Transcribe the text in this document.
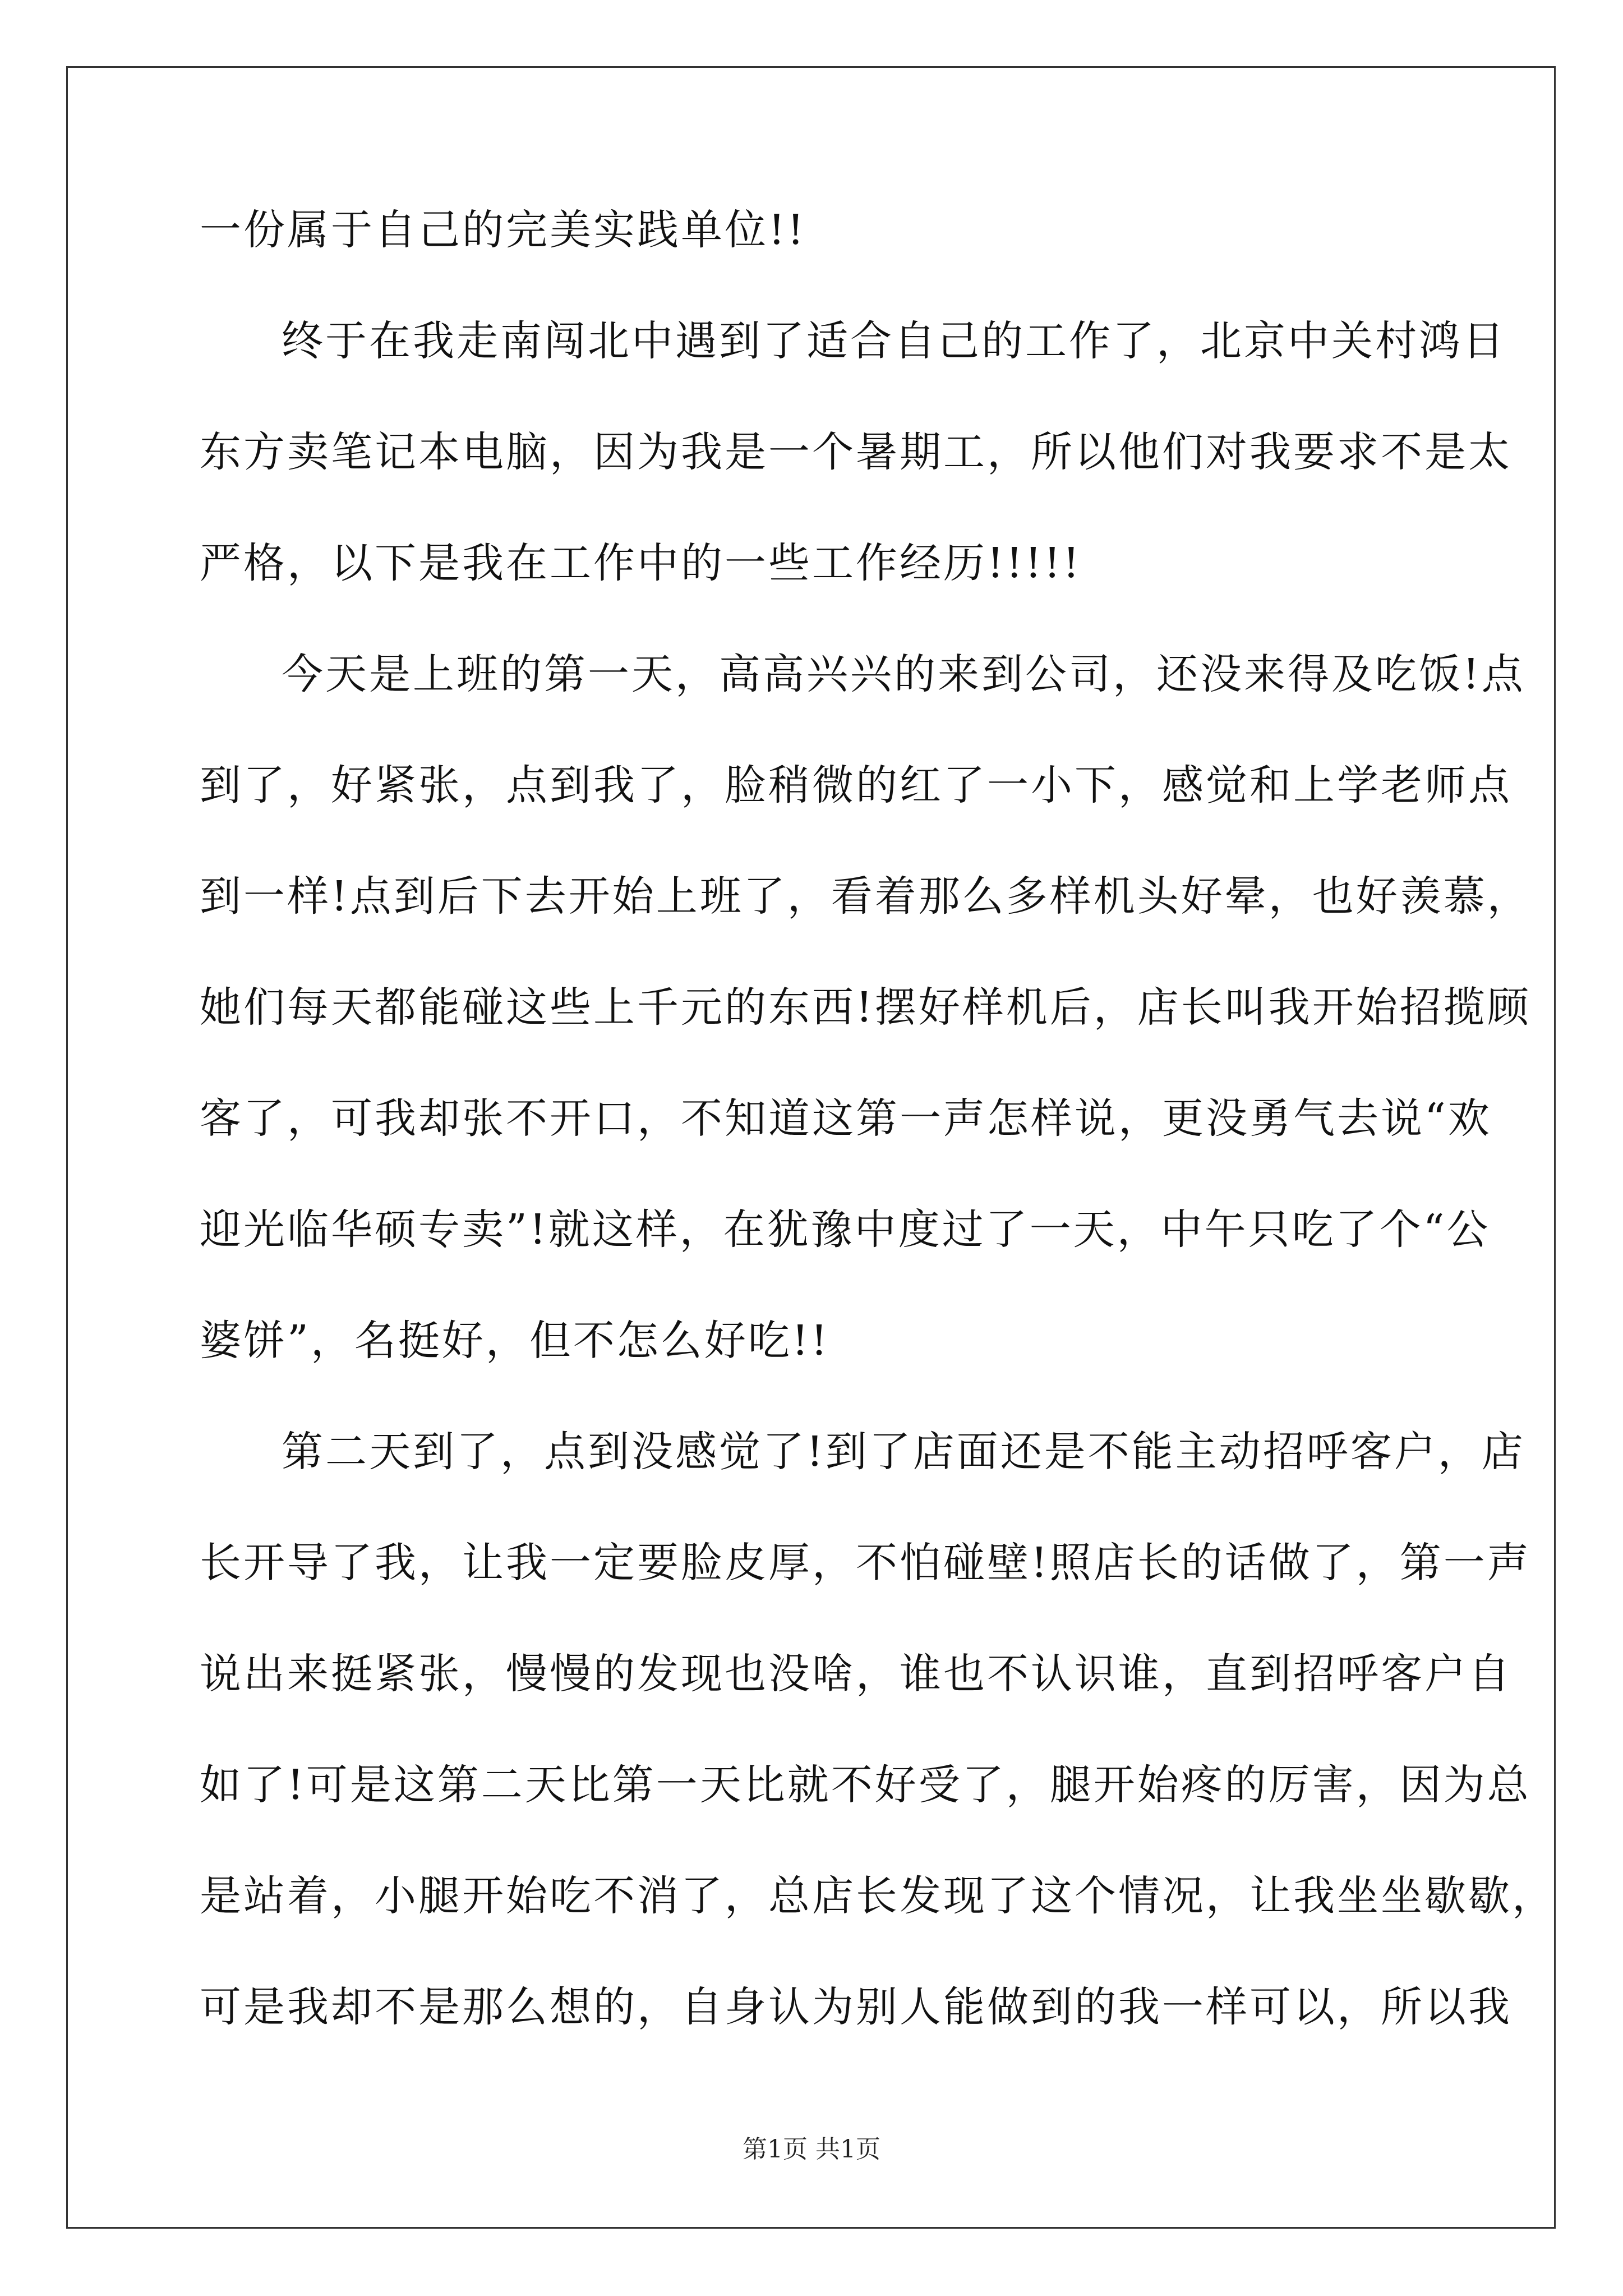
一份属于自己的完美实践单位!!
终于在我走南闯北中遇到了适合自己的工作了，北京中关村鸿日
东方卖笔记本电脑，因为我是一个暑期工，所以他们对我要求不是太
严格，以下是我在工作中的一些工作经历!!!!!
今天是上班的第一天，高高兴兴的来到公司，还没来得及吃饭!点
到了，好紧张，点到我了，脸稍微的红了一小下，感觉和上学老师点
到一样!点到后下去开始上班了，看着那么多样机头好晕，也好羡慕，
她们每天都能碰这些上千元的东西!摆好样机后，店长叫我开始招揽顾
客了，可我却张不开口，不知道这第一声怎样说，更没勇气去说“欢
迎光临华硕专卖”!就这样，在犹豫中度过了一天，中午只吃了个“公
婆饼”，名挺好，但不怎么好吃!!
第二天到了，点到没感觉了!到了店面还是不能主动招呼客户，店
长开导了我，让我一定要脸皮厚，不怕碰壁!照店长的话做了，第一声
说出来挺紧张，慢慢的发现也没啥，谁也不认识谁，直到招呼客户自
如了!可是这第二天比第一天比就不好受了，腿开始疼的厉害，因为总
是站着，小腿开始吃不消了，总店长发现了这个情况，让我坐坐歇歇，
可是我却不是那么想的，自身认为别人能做到的我一样可以，所以我
第1页 共1页
